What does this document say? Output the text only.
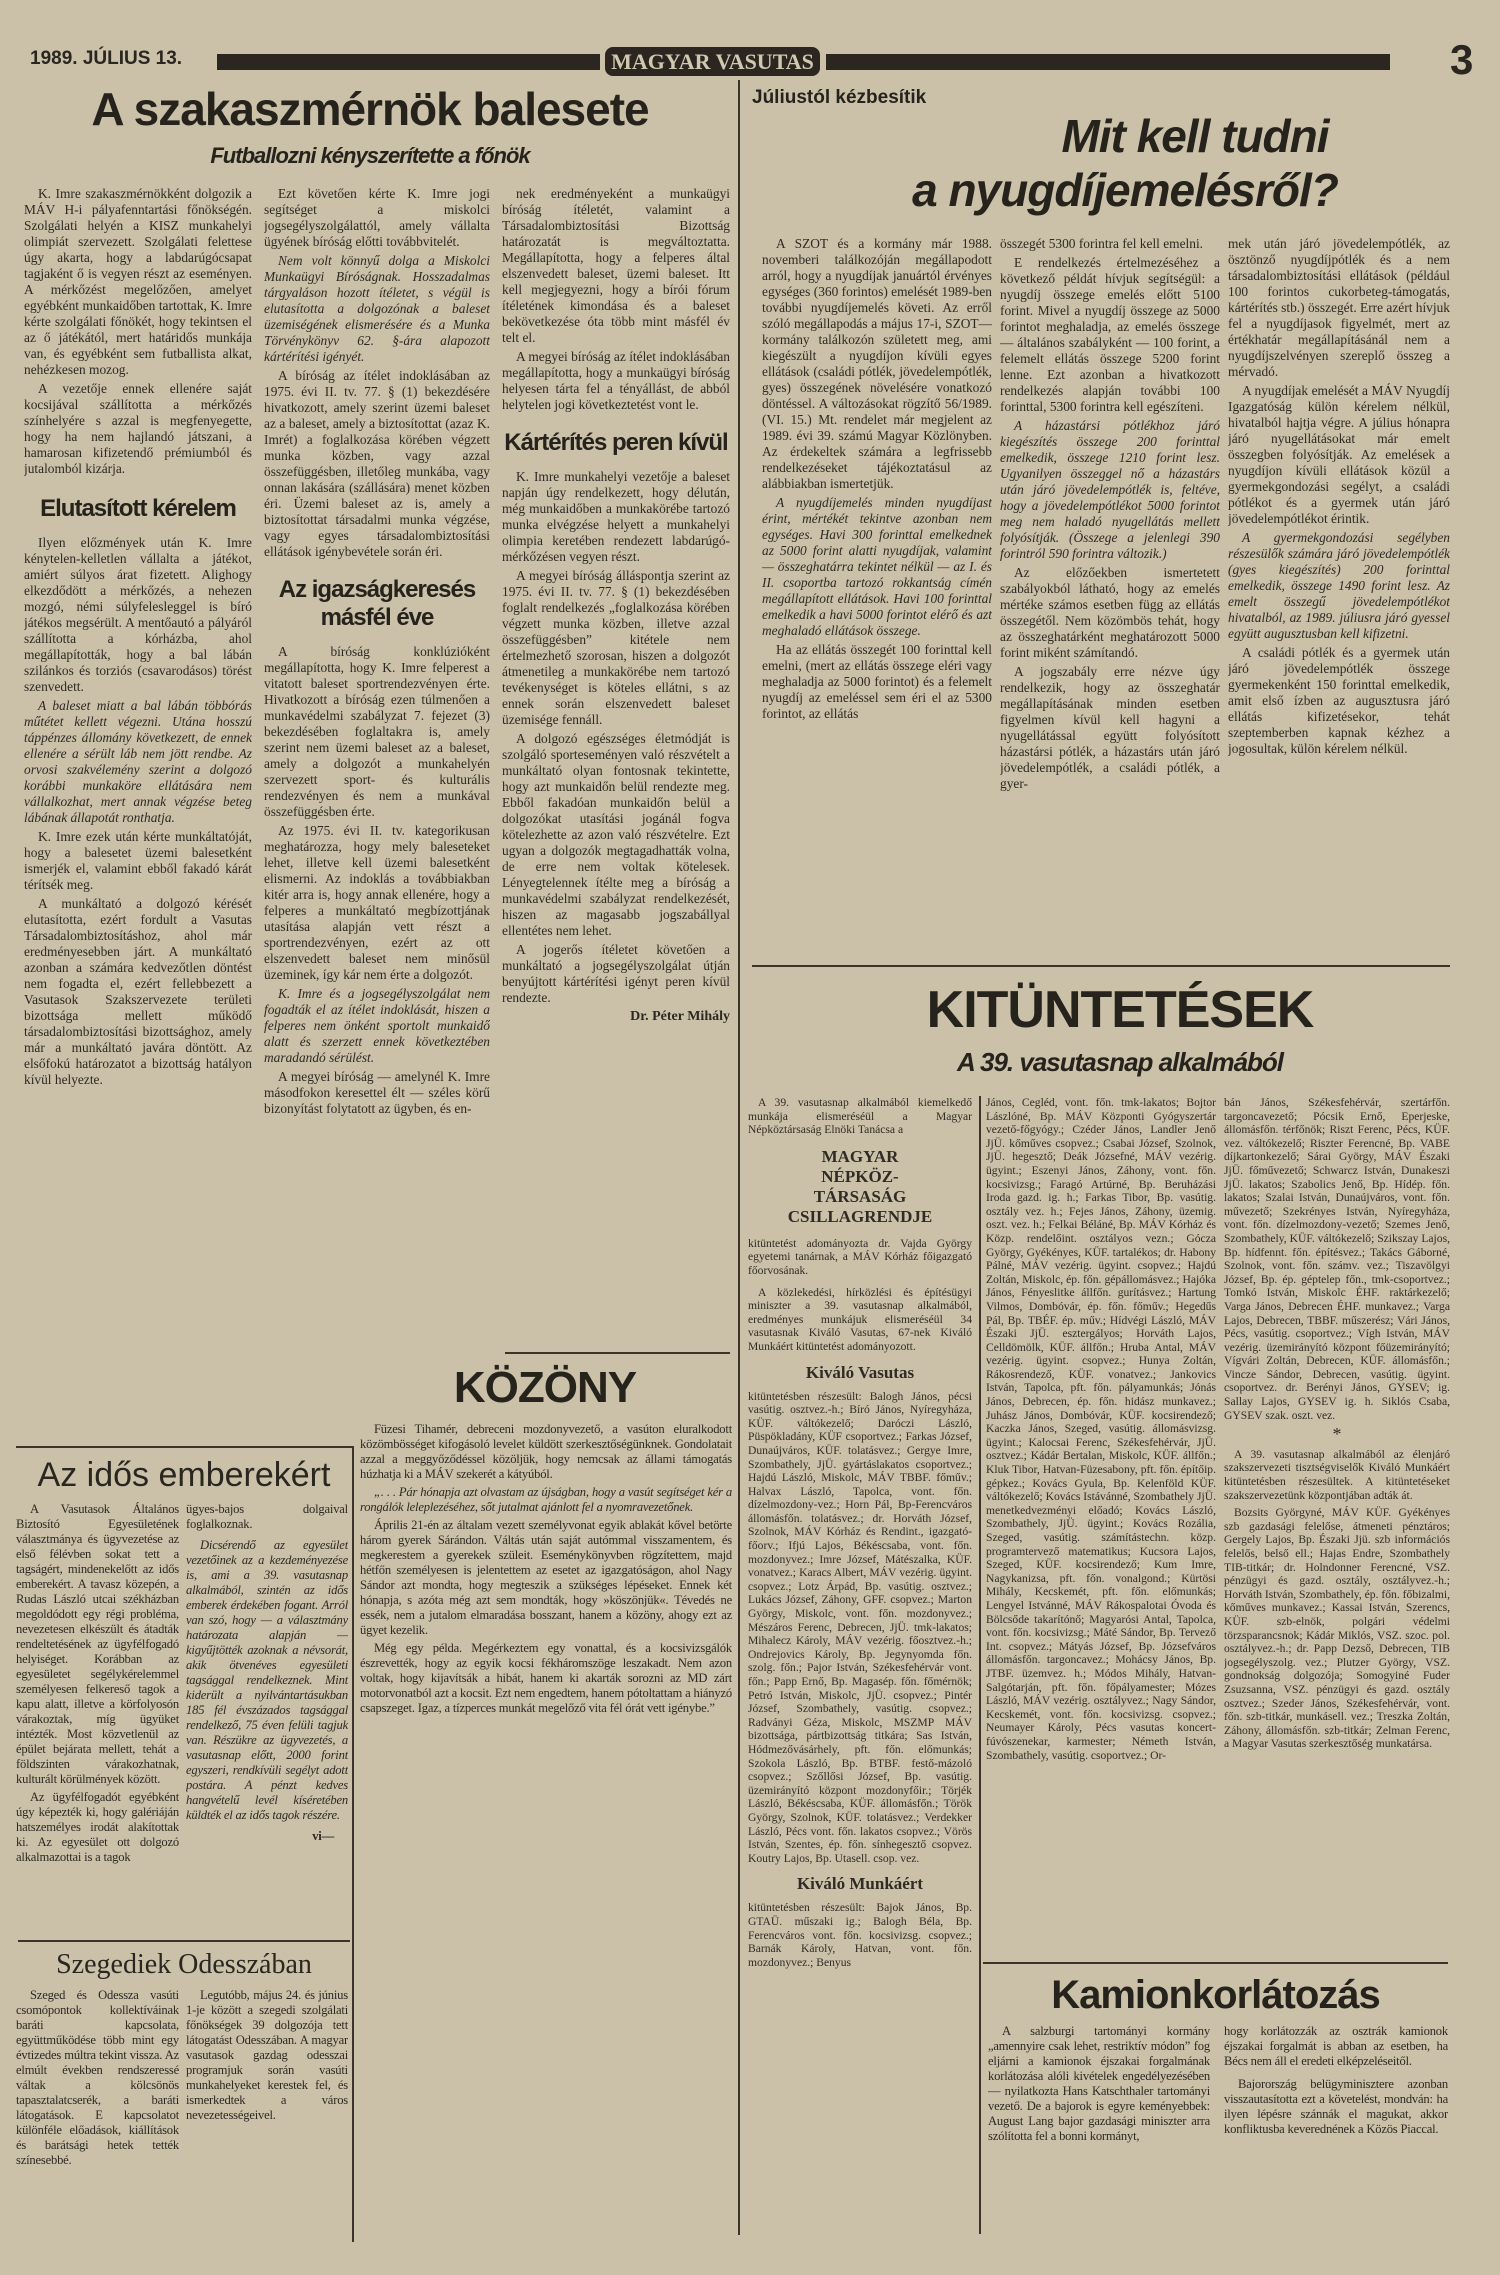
1989. JÚLIUS 13.	MAGYAR VASUTAS	3
A szakaszmérnök balesete
Futballozni kényszerítette a főnök

K. Imre szakaszmérnökként dolgozik a MÁV H-i pályafenntartási főnökségén. Szolgálati helyén a KISZ munkahelyi olimpiát szervezett. Szolgálati felettese úgy akarta, hogy a labdarúgócsapat tagjaként ő is vegyen részt az eseményen. A mérkőzést megelőzően, amelyet egyébként munkaidőben tartottak, K. Imre kérte szolgálati főnökét, hogy tekintsen el az ő játékától, mert határidős munkája van, és egyébként sem futballista alkat, nehézkesen mozog.

A vezetője ennek ellenére saját kocsijával szállította a mérkőzés színhelyére s azzal is megfenyegette, hogy ha nem hajlandó játszani, a hamarosan kifizetendő prémiumból és jutalomból kizárja.

Elutasított kérelem

Ilyen előzmények után K. Imre kénytelen-kelletlen vállalta a játékot, amiért súlyos árat fizetett. Alighogy elkezdődött a mérkőzés, a nehezen mozgó, némi súlyfelesleggel is bíró játékos megsérült. A mentőautó a pályáról szállította a kórházba, ahol megállapították, hogy a bal lábán szilánkos és torziós (csavarodásos) törést szenvedett.

A baleset miatt a bal lábán többórás műtétet kellett végezni. Utána hosszú táppénzes állomány következett, de ennek ellenére a sérült láb nem jött rendbe. Az orvosi szakvélemény szerint a dolgozó korábbi munkaköre ellátására nem vállalkozhat, mert annak végzése beteg lábának állapotát ronthatja.

K. Imre ezek után kérte munkáltatóját, hogy a balesetet üzemi balesetként ismerjék el, valamint ebből fakadó kárát térítsék meg.

A munkáltató a dolgozó kérését elutasította, ezért fordult a Vasutas Társadalombiztosításhoz, ahol már eredményesebben járt. A munkáltató azonban a számára kedvezőtlen döntést nem fogadta el, ezért fellebbezett a Vasutasok Szakszervezete területi bizottsága mellett működő társadalombiztosítási bizottsághoz, amely már a munkáltató javára döntött. Az elsőfokú határozatot a bizottság hatályon kívül helyezte.

Ezt követően kérte K. Imre jogi segítséget a miskolci jogsegélyszolgálattól, amely vállalta ügyének bíróság előtti továbbvitelét.

Nem volt könnyű dolga a Miskolci Munkaügyi Bíróságnak. Hosszadalmas tárgyaláson hozott ítéletet, s végül is elutasította a dolgozónak a baleset üzemiségének elismerésére és a Munka Törvénykönyv 62. §-ára alapozott kártérítési igényét.

A bíróság az ítélet indoklásában az 1975. évi II. tv. 77. § (1) bekezdésére hivatkozott, amely szerint üzemi baleset az a baleset, amely a biztosítottat (azaz K. Imrét) a foglalkozása körében végzett munka közben, vagy azzal összefüggésben, illetőleg munkába, vagy onnan lakására (szállására) menet közben éri. Üzemi baleset az is, amely a biztosítottat társadalmi munka végzése, vagy egyes társadalombiztosítási ellátások igénybevétele során éri.

Az igazságkeresés másfél éve

A bíróság konklúzióként megállapította, hogy K. Imre felperest a vitatott baleset sportrendezvényen érte. Hivatkozott a bíróság ezen túlmenően a munkavédelmi szabályzat 7. fejezet (3) bekezdésében foglaltakra is, amely szerint nem üzemi baleset az a baleset, amely a dolgozót a munkahelyén szervezett sport- és kulturális rendezvényen és nem a munkával összefüggésben érte.

Az 1975. évi II. tv. kategorikusan meghatározza, hogy mely baleseteket lehet, illetve kell üzemi balesetként elismerni. Az indoklás a továbbiakban kitér arra is, hogy annak ellenére, hogy a felperes a munkáltató megbízottjának utasítása alapján vett részt a sportrendezvényen, ezért az ott elszenvedett baleset nem minősül üzeminek, így kár nem érte a dolgozót.

K. Imre és a jogsegélyszolgálat nem fogadták el az ítélet indoklását, hiszen a felperes nem önként sportolt munkaidő alatt és szerzett ennek következtében maradandó sérülést.

A megyei bíróság — amelynél K. Imre másodfokon keresettel élt — széles körű bizonyítást folytatott az ügyben, és en-

nek eredményeként a munkaügyi bíróság ítéletét, valamint a Társadalombiztosítási Bizottság határozatát is megváltoztatta. Megállapította, hogy a felperes által elszenvedett baleset, üzemi baleset. Itt kell megjegyezni, hogy a bírói fórum ítéletének kimondása és a baleset bekövetkezése óta több mint másfél év telt el.

A megyei bíróság az ítélet indoklásában megállapította, hogy a munkaügyi bíróság helyesen tárta fel a tényállást, de abból helytelen jogi következtetést vont le.

Kártérítés peren kívül

K. Imre munkahelyi vezetője a baleset napján úgy rendelkezett, hogy délután, még munkaidőben a munkakörébe tartozó munka elvégzése helyett a munkahelyi olimpia keretében rendezett labdarúgó-mérkőzésen vegyen részt.

A megyei bíróság álláspontja szerint az 1975. évi II. tv. 77. § (1) bekezdésében foglalt rendelkezés „foglalkozása körében végzett munka közben, illetve azzal összefüggésben” kitétele nem értelmezhető szorosan, hiszen a dolgozót átmenetileg a munkakörébe nem tartozó tevékenységet is köteles ellátni, s az ennek során elszenvedett baleset üzemisége fennáll.

A dolgozó egészséges életmódját is szolgáló sporteseményen való részvételt a munkáltató olyan fontosnak tekintette, hogy azt munkaidőn belül rendezte meg. Ebből fakadóan munkaidőn belül a dolgozókat utasítási jogánál fogva kötelezhette az azon való részvételre. Ezt ugyan a dolgozók megtagadhatták volna, de erre nem voltak kötelesek. Lényegtelennek ítélte meg a bíróság a munkavédelmi szabályzat rendelkezését, hiszen az magasabb jogszabállyal ellentétes nem lehet.

A jogerős ítéletet követően a munkáltató a jogsegélyszolgálat útján benyújtott kártérítési igényt peren kívül rendezte.

Dr. Péter Mihály
Júliustól kézbesítik
Mit kell tudni
a nyugdíjemelésről?

A SZOT és a kormány már 1988. novemberi találkozóján megállapodott arról, hogy a nyugdíjak januártól érvényes egységes (360 forintos) emelését 1989-ben további nyugdíjemelés követi. Az erről szóló megállapodás a május 17-i, SZOT—kormány találkozón született meg, ami kiegészült a nyugdíjon kívüli egyes ellátások (családi pótlék, jövedelempótlék, gyes) összegének növelésére vonatkozó döntéssel. A változásokat rögzítő 56/1989. (VI. 15.) Mt. rendelet már megjelent az 1989. évi 39. számú Magyar Közlönyben. Az érdekeltek számára a legfrissebb rendelkezéseket tájékoztatásul az alábbiakban ismertetjük.

A nyugdíjemelés minden nyugdíjast érint, mértékét tekintve azonban nem egységes. Havi 300 forinttal emelkednek az 5000 forint alatti nyugdíjak, valamint — összeghatárra tekintet nélkül — az I. és II. csoportba tartozó rokkantság címén megállapított ellátások. Havi 100 forinttal emelkedik a havi 5000 forintot elérő és azt meghaladó ellátások összege.

Ha az ellátás összegét 100 forinttal kell emelni, (mert az ellátás összege eléri vagy meghaladja az 5000 forintot) és a felemelt nyugdíj az emeléssel sem éri el az 5300 forintot, az ellátás

összegét 5300 forintra fel kell emelni.

E rendelkezés értelmezéséhez a következő példát hívjuk segítségül: a nyugdíj összege emelés előtt 5100 forint. Mivel a nyugdíj összege az 5000 forintot meghaladja, az emelés összege — általános szabályként — 100 forint, a felemelt ellátás összege 5200 forint lenne. Ezt azonban a hivatkozott rendelkezés alapján további 100 forinttal, 5300 forintra kell egészíteni.

A házastársi pótlékhoz járó kiegészítés összege 200 forinttal emelkedik, összege 1210 forint lesz. Ugyanilyen összeggel nő a házastárs után járó jövedelempótlék is, feltéve, hogy a jövedelempótlékot 5000 forintot meg nem haladó nyugellátás mellett folyósítják. (Összege a jelenlegi 390 forintról 590 forintra változik.)

Az előzőekben ismertetett szabályokból látható, hogy az emelés mértéke számos esetben függ az ellátás összegétől. Nem közömbös tehát, hogy az összeghatárként meghatározott 5000 forint miként számítandó.

A jogszabály erre nézve úgy rendelkezik, hogy az összeghatár megállapításának minden esetben figyelmen kívül kell hagyni a nyugellátással együtt folyósított házastársi pótlék, a házastárs után járó jövedelempótlék, a családi pótlék, a gyer-

mek után járó jövedelempótlék, az ösztönző nyugdíjpótlék és a nem társadalombiztosítási ellátások (például 100 forintos cukorbeteg-támogatás, kártérítés stb.) összegét. Erre azért hívjuk fel a nyugdíjasok figyelmét, mert az értékhatár megállapításánál nem a nyugdíjszelvényen szereplő összeg a mérvadó.

A nyugdíjak emelését a MÁV Nyugdíj Igazgatóság külön kérelem nélkül, hivatalból hajtja végre. A július hónapra járó nyugellátásokat már emelt összegben folyósítják. Az emelések a nyugdíjon kívüli ellátások közül a gyermekgondozási segélyt, a családi pótlékot és a gyermek után járó jövedelempótlékot érintik.

A gyermekgondozási segélyben részesülők számára járó jövedelempótlék (gyes kiegészítés) 200 forinttal emelkedik, összege 1490 forint lesz. Az emelt összegű jövedelempótlékot hivatalból, az 1989. júliusra járó gyessel együtt augusztusban kell kifizetni.

A családi pótlék és a gyermek után járó jövedelempótlék összege gyermekenként 150 forinttal emelkedik, amit első ízben az augusztusra járó ellátás kifizetésekor, tehát szeptemberben kapnak kézhez a jogosultak, külön kérelem nélkül.

KITÜNTETÉSEK
A 39. vasutasnap alkalmából
A 39. vasutasnap alkalmából kiemelkedő munkája elismeréséül a Magyar Népköztársaság Elnöki Tanácsa a
MAGYAR
NÉPKÖZ-
TÁRSASÁG
CSILLAGRENDJE
kitüntetést adományozta dr. Vajda György egyetemi tanárnak, a MÁV Kórház főigazgató főorvosának.
A közlekedési, hírközlési és építésügyi miniszter a 39. vasutasnap alkalmából, eredményes munkájuk elismeréséül 34 vasutasnak Kiváló Vasutas, 67-nek Kiváló Munkáért kitüntetést adományozott.
Kiváló Vasutas
kitüntetésben részesült: Balogh János, pécsi vasútig. osztvez.-h.; Bíró János, Nyíregyháza, KÜF. váltókezelő; Daróczi László, Püspökladány, KÜF csoportvez.; Farkas József, Dunaújváros, KÜF. tolatásvez.; Gergye Imre, Szombathely, JjÜ. gyártáslakatos csoportvez.; Hajdú László, Miskolc, MÁV TBBF. főműv.; Halvax László, Tapolca, vont. főn. dízelmozdony-vez.; Horn Pál, Bp-Ferencváros állomásfőn. tolatásvez.; dr. Horváth József, Szolnok, MÁV Kórház és Rendint., igazgató-főorv.; Ifjú Lajos, Békéscsaba, vont. főn. mozdonyvez.; Imre József, Mátészalka, KÜF. vonatvez.; Karacs Albert, MÁV vezérig. ügyint. csopvez.; Lotz Árpád, Bp. vasútig. osztvez.; Lukács József, Záhony, GFF. csopvez.; Marton György, Miskolc, vont. főn. mozdonyvez.; Mészáros Ferenc, Debrecen, JjÜ. tmk-lakatos; Mihalecz Károly, MÁV vezérig. főosztvez.-h.; Ondrejovics Károly, Bp. Jegynyomda főn. szolg. főn.; Pajor István, Székesfehérvár vont. főn.; Papp Ernő, Bp. Magasép. főn. főmérnök; Petró István, Miskolc, JjÜ. csopvez.; Pintér József, Szombathely, vasútig. csopvez.; Radványi Géza, Miskolc, MSZMP MÁV bizottsága, pártbizottság titkára; Sas István, Hódmezővásárhely, pft. főn. előmunkás; Szokola László, Bp. BTBF. festő-mázoló csopvez.; Szőllősi József, Bp. vasútig. üzemirányító központ mozdonyfőir.; Törjék László, Békéscsaba, KÜF. állomásfőn.; Török György, Szolnok, KÜF. tolatásvez.; Verdekker László, Pécs vont. főn. lakatos csopvez.; Vörös István, Szentes, ép. főn. sínhegesztő csopvez. Koutry Lajos, Bp. Utasell. csop. vez.
Kiváló Munkáért
kitüntetésben részesült: Bajok János, Bp. GTAÜ. műszaki ig.; Balogh Béla, Bp. Ferencváros vont. főn. kocsivizsg. csopvez.; Barnák Károly, Hatvan, vont. főn. mozdonyvez.; Benyus
János, Cegléd, vont. főn. tmk-lakatos; Bojtor Lászlóné, Bp. MÁV Központi Gyógyszertár vezető-főgyógy.; Czéder János, Landler Jenő JjÜ. kőműves csopvez.; Csabai József, Szolnok, JjÜ. hegesztő; Deák Józsefné, MÁV vezérig. ügyint.; Eszenyi János, Záhony, vont. főn. kocsivizsg.; Faragó Artúrné, Bp. Beruházási Iroda gazd. ig. h.; Farkas Tibor, Bp. vasútig. osztály vez. h.; Fejes János, Záhony, üzemig. oszt. vez. h.; Felkai Béláné, Bp. MÁV Kórház és Közp. rendelőint. osztályos vezn.; Gócza György, Gyékényes, KÜF. tartalékos; dr. Habony Pálné, MÁV vezérig. ügyint. csopvez.; Hajdú Zoltán, Miskolc, ép. főn. gépállomásvez.; Hajóka János, Fényeslitke állfőn. gurításvez.; Hartung Vilmos, Dombóvár, ép. főn. főműv.; Hegedűs Pál, Bp. TBÉF. ép. műv.; Hídvégi László, MÁV Északi JjÜ. esztergályos; Horváth Lajos, Celldömölk, KÜF. állfőn.; Hruba Antal, MÁV vezérig. ügyint. csopvez.; Hunya Zoltán, Rákosrendező, KÜF. vonatvez.; Jankovics István, Tapolca, pft. főn. pályamunkás; Jónás János, Debrecen, ép. főn. hidász munkavez.; Juhász János, Dombóvár, KÜF. kocsirendező; Kaczka János, Szeged, vasútig. állomásvizsg. ügyint.; Kalocsai Ferenc, Székesfehérvár, JjÜ. osztvez.; Kádár Bertalan, Miskolc, KÜF. állfőn.; Kluk Tibor, Hatvan-Füzesabony, pft. főn. építőip. gépkez.; Kovács Gyula, Bp. Kelenföld KÜF. váltókezelő; Kovács Istávánné, Szombathely JjÜ. menetkedvezményi előadó; Kovács László, Szombathely, JjÜ. ügyint.; Kovács Rozália, Szeged, vasútig. számítástechn. közp. programtervező matematikus; Kucsora Lajos, Szeged, KÜF. kocsirendező; Kum Imre, Nagykanizsa, pft. főn. vonalgond.; Kürtösi Mihály, Kecskemét, pft. főn. előmunkás; Lengyel Istvánné, MÁV Rákospalotai Óvoda és Bölcsőde takarítónő; Magyarósi Antal, Tapolca, vont. főn. kocsivizsg.; Máté Sándor, Bp. Tervező Int. csopvez.; Mátyás József, Bp. Józsefváros állomásfőn. targoncavez.; Mohácsy János, Bp. JTBF. üzemvez. h.; Módos Mihály, Hatvan-Salgótarján, pft. főn. főpályamester; Mózes László, MÁV vezérig. osztályvez.; Nagy Sándor, Kecskemét, vont. főn. kocsivizsg. csopvez.; Neumayer Károly, Pécs vasutas koncert-fúvószenekar, karmester; Németh István, Szombathely, vasútig. csoportvez.; Or-
bán János, Székesfehérvár, szertárfőn. targoncavezető; Pócsik Ernő, Eperjeske, állomásfőn. térfőnök; Riszt Ferenc, Pécs, KÜF. vez. váltókezelő; Riszter Ferencné, Bp. VABE díjkartonkezelő; Sárai György, MÁV Északi JjÜ. főművezető; Schwarcz István, Dunakeszi JjÜ. lakatos; Szabolics Jenő, Bp. Hídép. főn. lakatos; Szalai István, Dunaújváros, vont. főn. művezető; Szekrényes István, Nyíregyháza, vont. főn. dízelmozdony-vezető; Szemes Jenő, Szombathely, KÜF. váltókezelő; Szikszay Lajos, Bp. hídfennt. főn. építésvez.; Takács Gáborné, Szolnok, vont. főn. számv. vez.; Tiszavölgyi József, Bp. ép. géptelep főn., tmk-csoportvez.; Tomkó István, Miskolc ÉHF. raktárkezelő; Varga János, Debrecen ÉHF. munkavez.; Varga Lajos, Debrecen, TBBF. műszerész; Vári János, Pécs, vasútig. csoportvez.; Vígh István, MÁV vezérig. üzemirányító központ főüzemirányító; Vígvári Zoltán, Debrecen, KÜF. állomásfőn.; Vincze Sándor, Debrecen, vasútig. ügyint. csoportvez. dr. Berényi János, GYSEV; ig. Sallay Lajos, GYSEV ig. h. Siklós Csaba, GYSEV szak. oszt. vez.
*
A 39. vasutasnap alkalmából az élenjáró szakszervezeti tisztségviselők Kiváló Munkáért kitüntetésben részesültek. A kitüntetéseket szakszervezetünk központjában adták át.
Bozsits Györgyné, MÁV KÜF. Gyékényes szb gazdasági felelőse, átmeneti pénztáros; Gergely Lajos, Bp. Északi Jjü. szb információs felelős, belső ell.; Hajas Endre, Szombathely TIB-titkár; dr. Holndonner Ferencné, VSZ. pénzügyi és gazd. osztály, osztályvez.-h.; Horváth István, Szombathely, ép. főn. főbizalmi, kőműves munkavez.; Kassai István, Szerencs, KÜF. szb-elnök, polgári védelmi törzsparancsnok; Kádár Miklós, VSZ. szoc. pol. osztályvez.-h.; dr. Papp Dezső, Debrecen, TIB jogsegélyszolg. vez.; Plutzer György, VSZ. gondnokság dolgozója; Somogyiné Fuder Zsuzsanna, VSZ. pénzügyi és gazd. osztály osztvez.; Szeder János, Székesfehérvár, vont. főn. szb-titkár, munkásell. vez.; Treszka Zoltán, Záhony, állomásfőn. szb-titkár; Zelman Ferenc, a Magyar Vasutas szerkesztőség munkatársa.
Kamionkorlátozás

A salzburgi tartományi kormány „amennyire csak lehet, restriktív módon” fog eljárni a kamionok éjszakai forgalmának korlátozása alóli kivételek engedélyezésében — nyilatkozta Hans Katschthaler tartományi vezető. De a bajorok is egyre keményebbek: August Lang bajor gazdasági miniszter arra szólította fel a bonni kormányt,

hogy korlátozzák az osztrák kamionok éjszakai forgalmát is abban az esetben, ha Bécs nem áll el eredeti elképzeléseitől.

Bajorország belügyminisztere azonban visszautasította ezt a követelést, mondván: ha ilyen lépésre szánnák el magukat, akkor konfliktusba keverednének a Közös Piaccal.

Az idős emberekért

A Vasutasok Általános Biztosító Egyesületének választmánya és ügyvezetése az első félévben sokat tett a tagságért, mindenekelőtt az idős emberekért. A tavasz közepén, a Rudas László utcai székházban megoldódott egy régi probléma, nevezetesen elkészült és átadták rendeltetésének az ügyfélfogadó helyiséget. Korábban az egyesületet segélykérelemmel személyesen felkereső tagok a kapu alatt, illetve a körfolyosón várakoztak, míg ügyüket intézték. Most közvetlenül az épület bejárata mellett, tehát a földszinten várakozhatnak, kulturált körülmények között.

Az ügyfélfogadót egyébként úgy képezték ki, hogy galériáján hatszemélyes irodát alakítottak ki. Az egyesület ott dolgozó alkalmazottai is a tagok

ügyes-bajos dolgaival foglalkoznak.

Dicsérendő az egyesület vezetőinek az a kezdeményezése is, ami a 39. vasutasnap alkalmából, szintén az idős emberek érdekében fogant. Arról van szó, hogy — a választmány határozata alapján — kigyűjtötték azoknak a névsorát, akik ötvenéves egyesületi tagsággal rendelkeznek. Mint kiderült a nyilvántartásukban 185 fél évszázados tagsággal rendelkező, 75 éven felüli tagjuk van. Részükre az ügyvezetés, a vasutasnap előtt, 2000 forint egyszeri, rendkívüli segélyt adott postára. A pénzt kedves hangvételű levél kíséretében küldték el az idős tagok részére.

vi—
Szegediek Odesszában

Szeged és Odessza vasúti csomópontok kollektíváinak baráti kapcsolata, együttműködése több mint egy évtizedes múltra tekint vissza. Az elmúlt években rendszeressé váltak a kölcsönös tapasztalatcserék, a baráti látogatások. E kapcsolatot különféle előadások, kiállítások és barátsági hetek tették színesebbé.

Legutóbb, május 24. és június 1-je között a szegedi szolgálati főnökségek 39 dolgozója tett látogatást Odesszában. A magyar vasutasok gazdag odesszai programjuk során vasúti munkahelyeket kerestek fel, és ismerkedtek a város nevezetességeivel.

KÖZÖNY

Füzesi Tihamér, debreceni mozdonyvezető, a vasúton eluralkodott közömbösséget kifogásoló levelet küldött szerkesztőségünknek. Gondolatait azzal a meggyőződéssel közöljük, hogy nemcsak az állami támogatás húzhatja ki a MÁV szekerét a kátyúból.

„. . . Pár hónapja azt olvastam az újságban, hogy a vasút segítséget kér a rongálók leleplezéséhez, sőt jutalmat ajánlott fel a nyomravezetőnek.

Április 21-én az általam vezett személyvonat egyik ablakát kővel betörte három gyerek Sárándon. Váltás után saját autómmal visszamentem, és megkerestem a gyerekek szüleit. Eseménykönyvben rögzítettem, majd hétfőn személyesen is jelentettem az esetet az igazgatóságon, ahol Nagy Sándor azt mondta, hogy megteszik a szükséges lépéseket. Ennek két hónapja, s azóta még azt sem mondták, hogy »köszönjük«. Tévedés ne essék, nem a jutalom elmaradása bosszant, hanem a közöny, ahogy ezt az ügyet kezelik.

Még egy példa. Megérkeztem egy vonattal, és a kocsivizsgálók észrevették, hogy az egyik kocsi fékháromszöge leszakadt. Nem azon voltak, hogy kijavítsák a hibát, hanem ki akarták sorozni az MD zárt motorvonatból azt a kocsit. Ezt nem engedtem, hanem pótoltattam a hiányzó csapszeget. Igaz, a tízperces munkát megelőző vita fél órát vett igénybe.”
